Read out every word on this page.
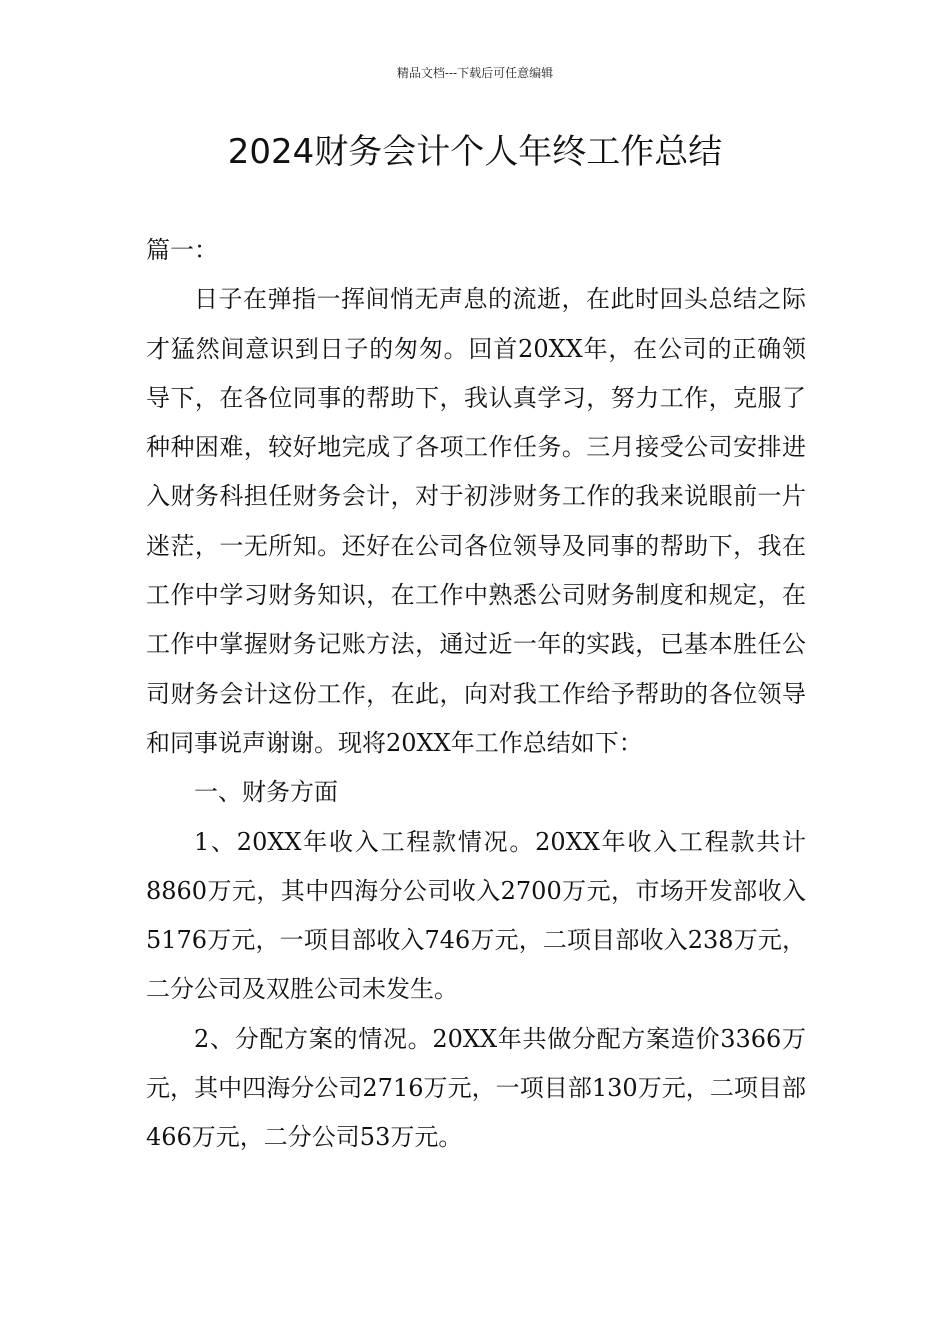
精品文档---下载后可任意编辑
2024财务会计个人年终工作总结

篇一：

日子在弹指一挥间悄无声息的流逝，在此时回头总结之际才猛然间意识到日子的匆匆。回首20XX年，在公司的正确领导下，在各位同事的帮助下，我认真学习，努力工作，克服了种种困难，较好地完成了各项工作任务。三月接受公司安排进入财务科担任财务会计，对于初涉财务工作的我来说眼前一片迷茫，一无所知。还好在公司各位领导及同事的帮助下，我在工作中学习财务知识，在工作中熟悉公司财务制度和规定，在工作中掌握财务记账方法，通过近一年的实践，已基本胜任公司财务会计这份工作，在此，向对我工作给予帮助的各位领导和同事说声谢谢。现将20XX年工作总结如下：

一、财务方面

1、20XX年收入工程款情况。20XX年收入工程款共计8860万元，其中四海分公司收入2700万元，市场开发部收入5176万元，一项目部收入746万元，二项目部收入238万元，二分公司及双胜公司未发生。

2、分配方案的情况。20XX年共做分配方案造价3366万元，其中四海分公司2716万元，一项目部130万元，二项目部466万元，二分公司53万元。
